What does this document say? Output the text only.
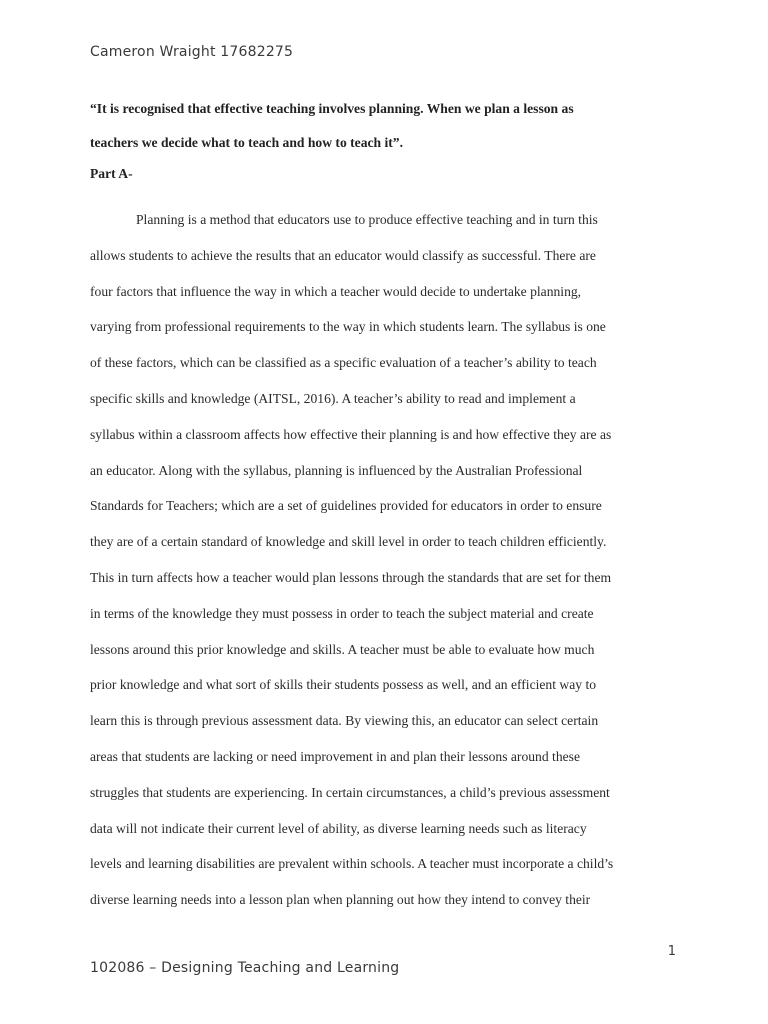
Cameron Wraight 17682275
“It is recognised that effective teaching involves planning. When we plan a lesson as
teachers we decide what to teach and how to teach it”.
Part A-
Planning is a method that educators use to produce effective teaching and in turn this
allows students to achieve the results that an educator would classify as successful. There are
four factors that influence the way in which a teacher would decide to undertake planning,
varying from professional requirements to the way in which students learn. The syllabus is one
of these factors, which can be classified as a specific evaluation of a teacher’s ability to teach
specific skills and knowledge (AITSL, 2016). A teacher’s ability to read and implement a
syllabus within a classroom affects how effective their planning is and how effective they are as
an educator. Along with the syllabus, planning is influenced by the Australian Professional
Standards for Teachers; which are a set of guidelines provided for educators in order to ensure
they are of a certain standard of knowledge and skill level in order to teach children efficiently.
This in turn affects how a teacher would plan lessons through the standards that are set for them
in terms of the knowledge they must possess in order to teach the subject material and create
lessons around this prior knowledge and skills. A teacher must be able to evaluate how much
prior knowledge and what sort of skills their students possess as well, and an efficient way to
learn this is through previous assessment data. By viewing this, an educator can select certain
areas that students are lacking or need improvement in and plan their lessons around these
struggles that students are experiencing. In certain circumstances, a child’s previous assessment
data will not indicate their current level of ability, as diverse learning needs such as literacy
levels and learning disabilities are prevalent within schools. A teacher must incorporate a child’s
diverse learning needs into a lesson plan when planning out how they intend to convey their
1
102086 – Designing Teaching and Learning
